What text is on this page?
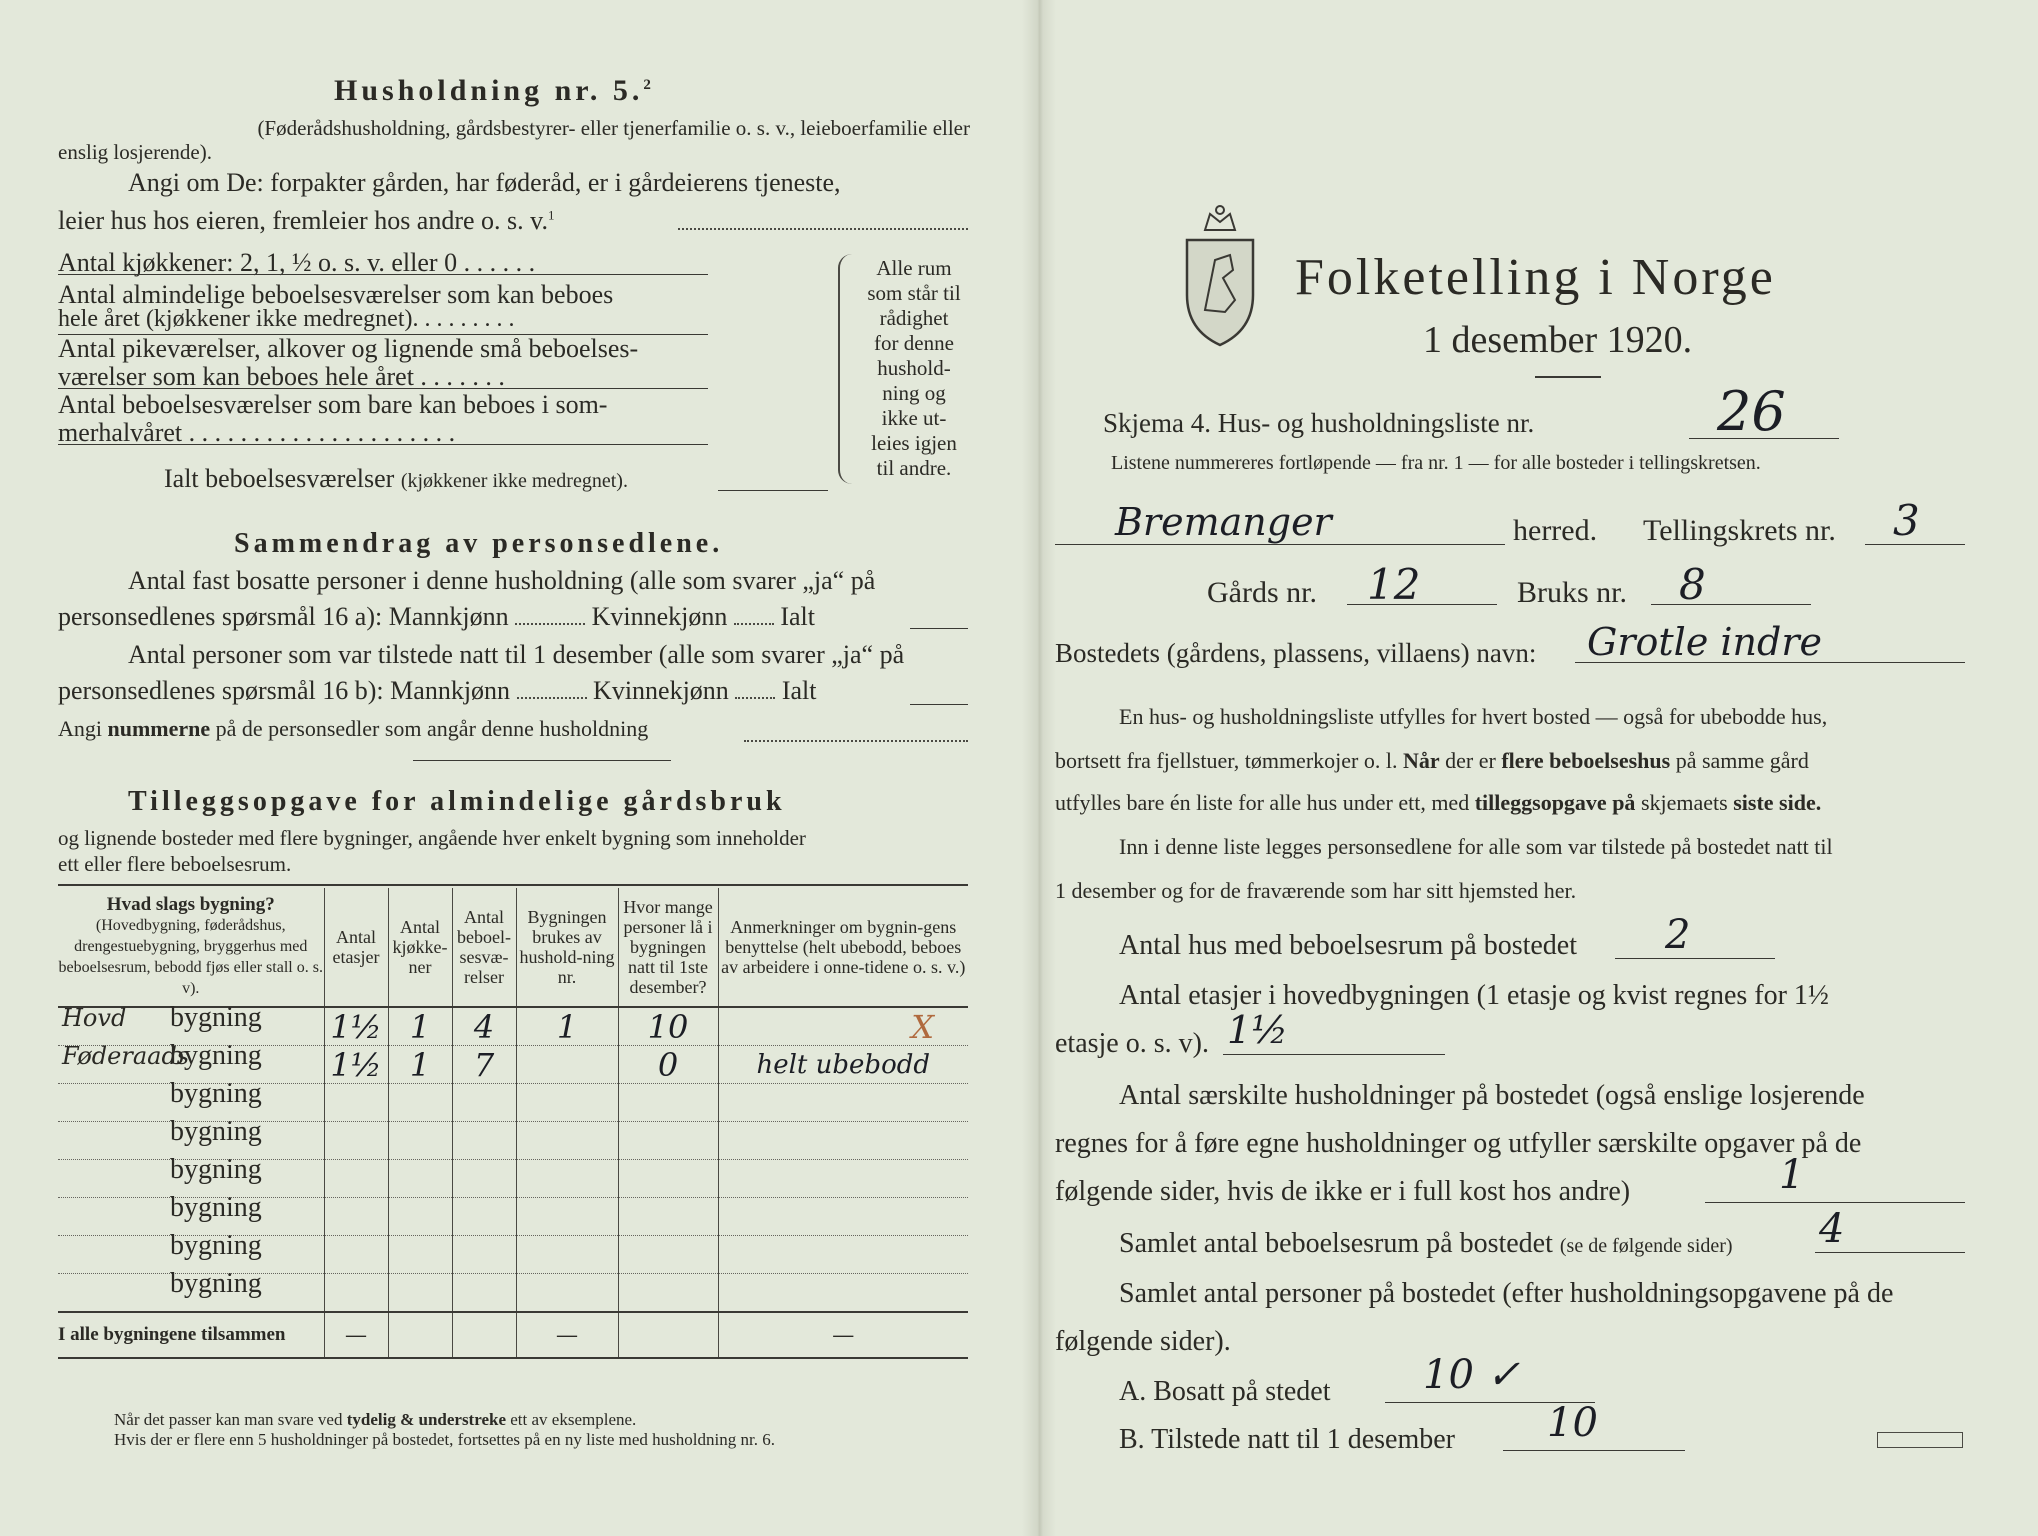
Husholdning nr. 5.$^2$
(Føderådshusholdning, gårdsbestyrer- eller tjenerfamilie o. s. v., leieboerfamilie eller
enslig losjerende).
Angi om De: forpakter gården, har føderåd, er i gårdeierens tjeneste,
leier hus hos eieren, fremleier hos andre o. s. v.$^1$
Antal kjøkkener: 2, 1, ½ o. s. v. eller 0 . . . . . .
Antal almindelige beboelsesværelser som kan beboes
hele året (kjøkkener ikke medregnet). . . . . . . . .
Antal pikeværelser, alkover og lignende små beboelses-
værelser som kan beboes hele året . . . . . . .
Antal beboelsesværelser som bare kan beboes i som-
merhalvåret . . . . . . . . . . . . . . . . . . . . .
Ialt beboelsesværelser (kjøkkener ikke medregnet).
Alle rum
som står til
rådighet
for denne
hushold-
ning og
ikke ut-
leies igjen
til andre.
Sammendrag av personsedlene.
Antal fast bosatte personer i denne husholdning (alle som svarer „ja“ på
personsedlenes spørsmål 16 a): Mannkjønn	Kvinnekjønn Ialt
Antal personer som var tilstede natt til 1 desember (alle som svarer „ja“ på
personsedlenes spørsmål 16 b): Mannkjønn	Kvinnekjønn Ialt
Angi nummerne på de personsedler som angår denne husholdning
Tilleggsopgave for almindelige gårdsbruk
og lignende bosteder med flere bygninger, angående hver enkelt bygning som inneholder
ett eller flere beboelsesrum.
Hvad slags bygning?
(Hovedbygning, føderådshus, drengestuebygning, bryggerhus med beboelsesrum, bebodd fjøs eller stall o. s. v).	Antal etasjer	Antal kjøkke-ner	Antal beboel-sesvæ-relser	Bygningen brukes av hushold-ning nr.	Hvor mange personer lå i bygningen natt til 1ste desember?	Anmerkninger om bygnin-gens benyttelse (helt ubebodd, beboes av arbeidere i onne-tidene o. s. v.)

Hovd bygning	1½	1	4	1	10	X

Føderaads
bygning	1½	1	7		0	helt ubebodd

bygning						

bygning						

bygning						

bygning						

bygning						

bygning						

I alle bygningene tilsammen	—			—		—
Når det passer kan man svare ved tydelig & understreke ett av eksemplene.
Hvis der er flere enn 5 husholdninger på bostedet, fortsettes på en ny liste med husholdning nr. 6.
Folketelling i Norge
1 desember 1920.
Skjema 4. Hus- og husholdningsliste nr.	26
Listene nummereres fortløpende — fra nr. 1 — for alle bosteder i tellingskretsen.
Bremanger	herred. Tellingskrets nr. 3
Gårds nr. 12	Bruks nr. 8
Bostedets (gårdens, plassens, villaens) navn: Grotle indre
En hus- og husholdningsliste utfylles for hvert bosted — også for ubebodde hus,
bortsett fra fjellstuer, tømmerkojer o. l. Når der er flere beboelseshus på samme gård
utfylles bare én liste for alle hus under ett, med tilleggsopgave på skjemaets siste side.
Inn i denne liste legges personsedlene for alle som var tilstede på bostedet natt til
1 desember og for de fraværende som har sitt hjemsted her.
Antal hus med beboelsesrum på bostedet 2
Antal etasjer i hovedbygningen (1 etasje og kvist regnes for 1½
etasje o. s. v). 1½
Antal særskilte husholdninger på bostedet (også enslige losjerende
regnes for å føre egne husholdninger og utfyller særskilte opgaver på de
følgende sider, hvis de ikke er i full kost hos andre)	1
Samlet antal beboelsesrum på bostedet (se de følgende sider) 4
Samlet antal personer på bostedet (efter husholdningsopgavene på de
følgende sider).
A. Bosatt på stedet 10 ✓
B. Tilstede natt til 1 desember 10
